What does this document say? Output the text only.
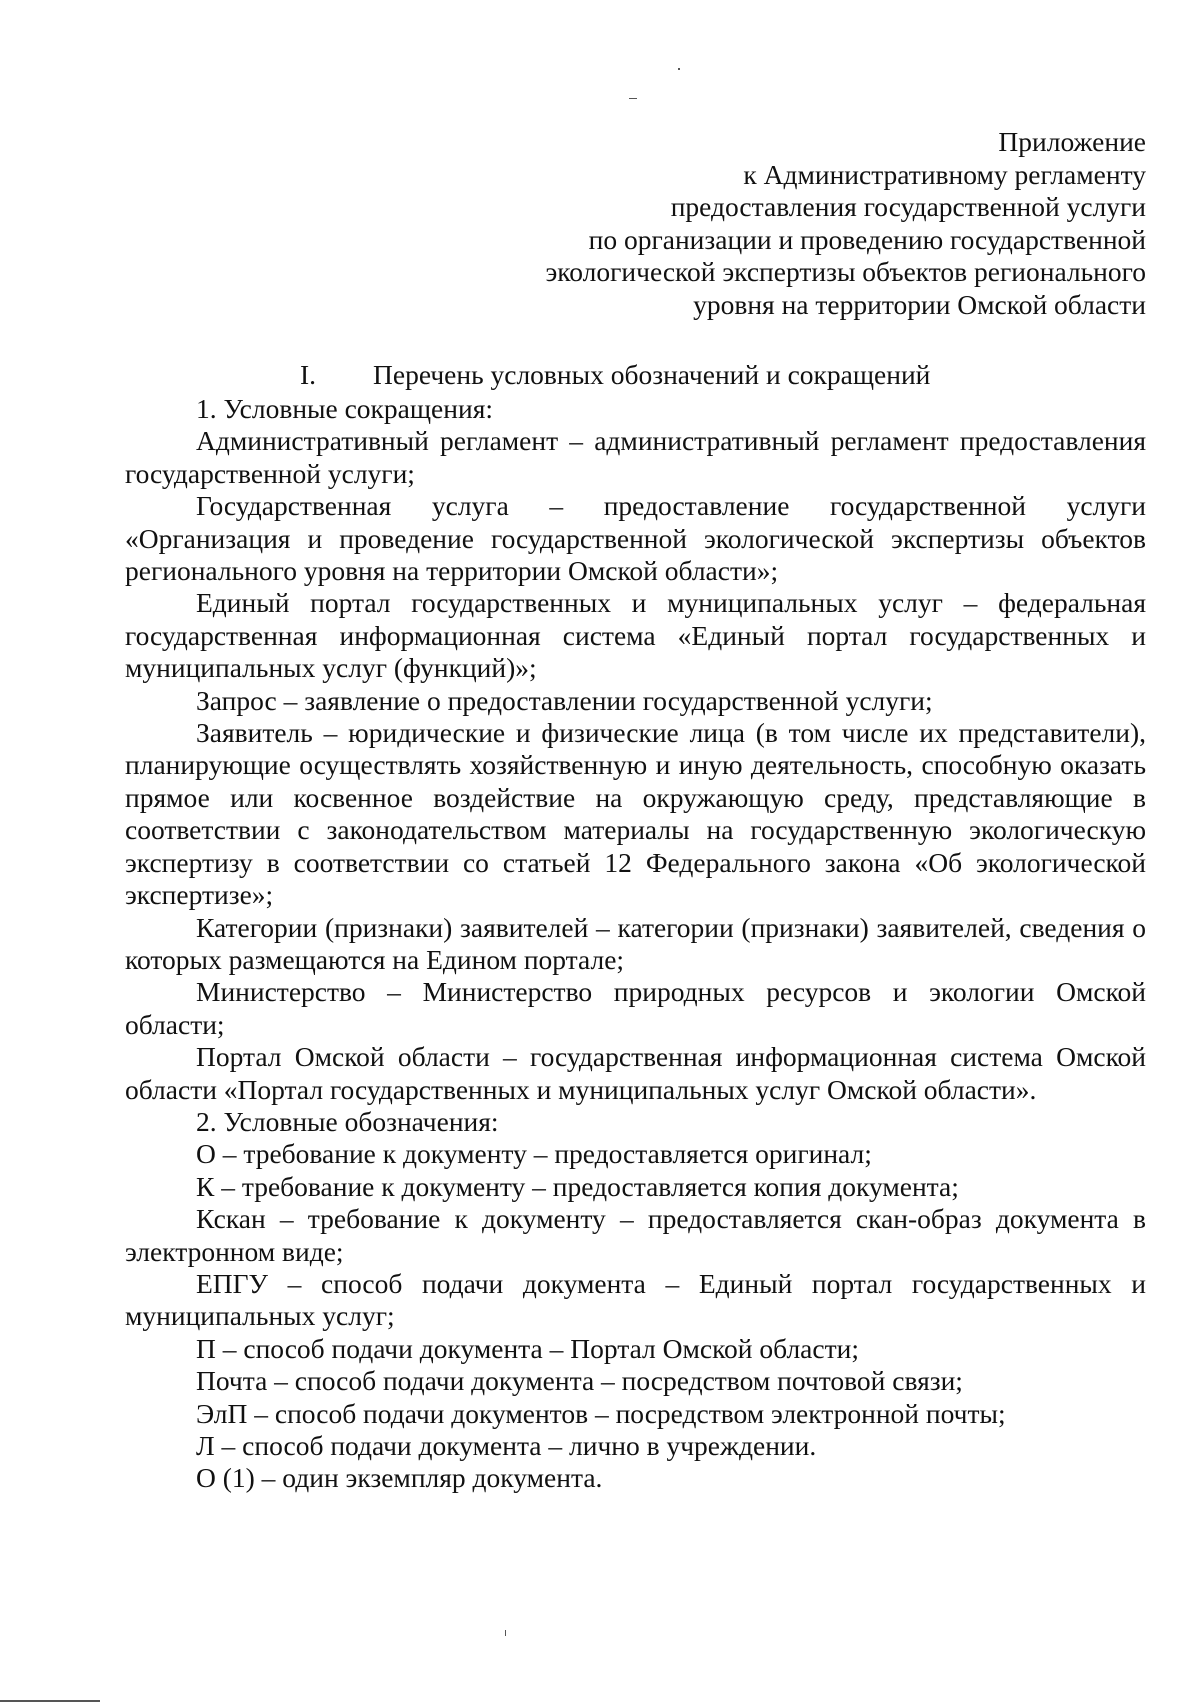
Приложение
к Административному регламенту
предоставления государственной услуги
по организации и проведению государственной
экологической экспертизы объектов регионального
уровня на территории Омской области
I. Перечень условных обозначений и сокращений

1. Условные сокращения:

Административный регламент – административный регламент предоставления государственной услуги;

Государственная услуга – предоставление государственной услуги «Организация и проведение государственной экологической экспертизы объектов регионального уровня на территории Омской области»;

Единый портал государственных и муниципальных услуг – федеральная государственная информационная система «Единый портал государственных и муниципальных услуг (функций)»;

Запрос – заявление о предоставлении государственной услуги;

Заявитель – юридические и физические лица (в том числе их представители), планирующие осуществлять хозяйственную и иную деятельность, способную оказать прямое или косвенное воздействие на окружающую среду, представляющие в соответствии с законодательством материалы на государственную экологическую экспертизу в соответствии со статьей 12 Федерального закона «Об экологической экспертизе»;

Категории (признаки) заявителей – категории (признаки) заявителей, сведения о которых размещаются на Едином портале;

Министерство – Министерство природных ресурсов и экологии Омской области;

Портал Омской области – государственная информационная система Омской области «Портал государственных и муниципальных услуг Омской области».

2. Условные обозначения:

О – требование к документу – предоставляется оригинал;

К – требование к документу – предоставляется копия документа;

Кскан – требование к документу – предоставляется скан-образ документа в электронном виде;

ЕПГУ – способ подачи документа – Единый портал государственных и муниципальных услуг;

П – способ подачи документа – Портал Омской области;

Почта – способ подачи документа – посредством почтовой связи;

ЭлП – способ подачи документов – посредством электронной почты;

Л – способ подачи документа – лично в учреждении.

О (1) – один экземпляр документа.
